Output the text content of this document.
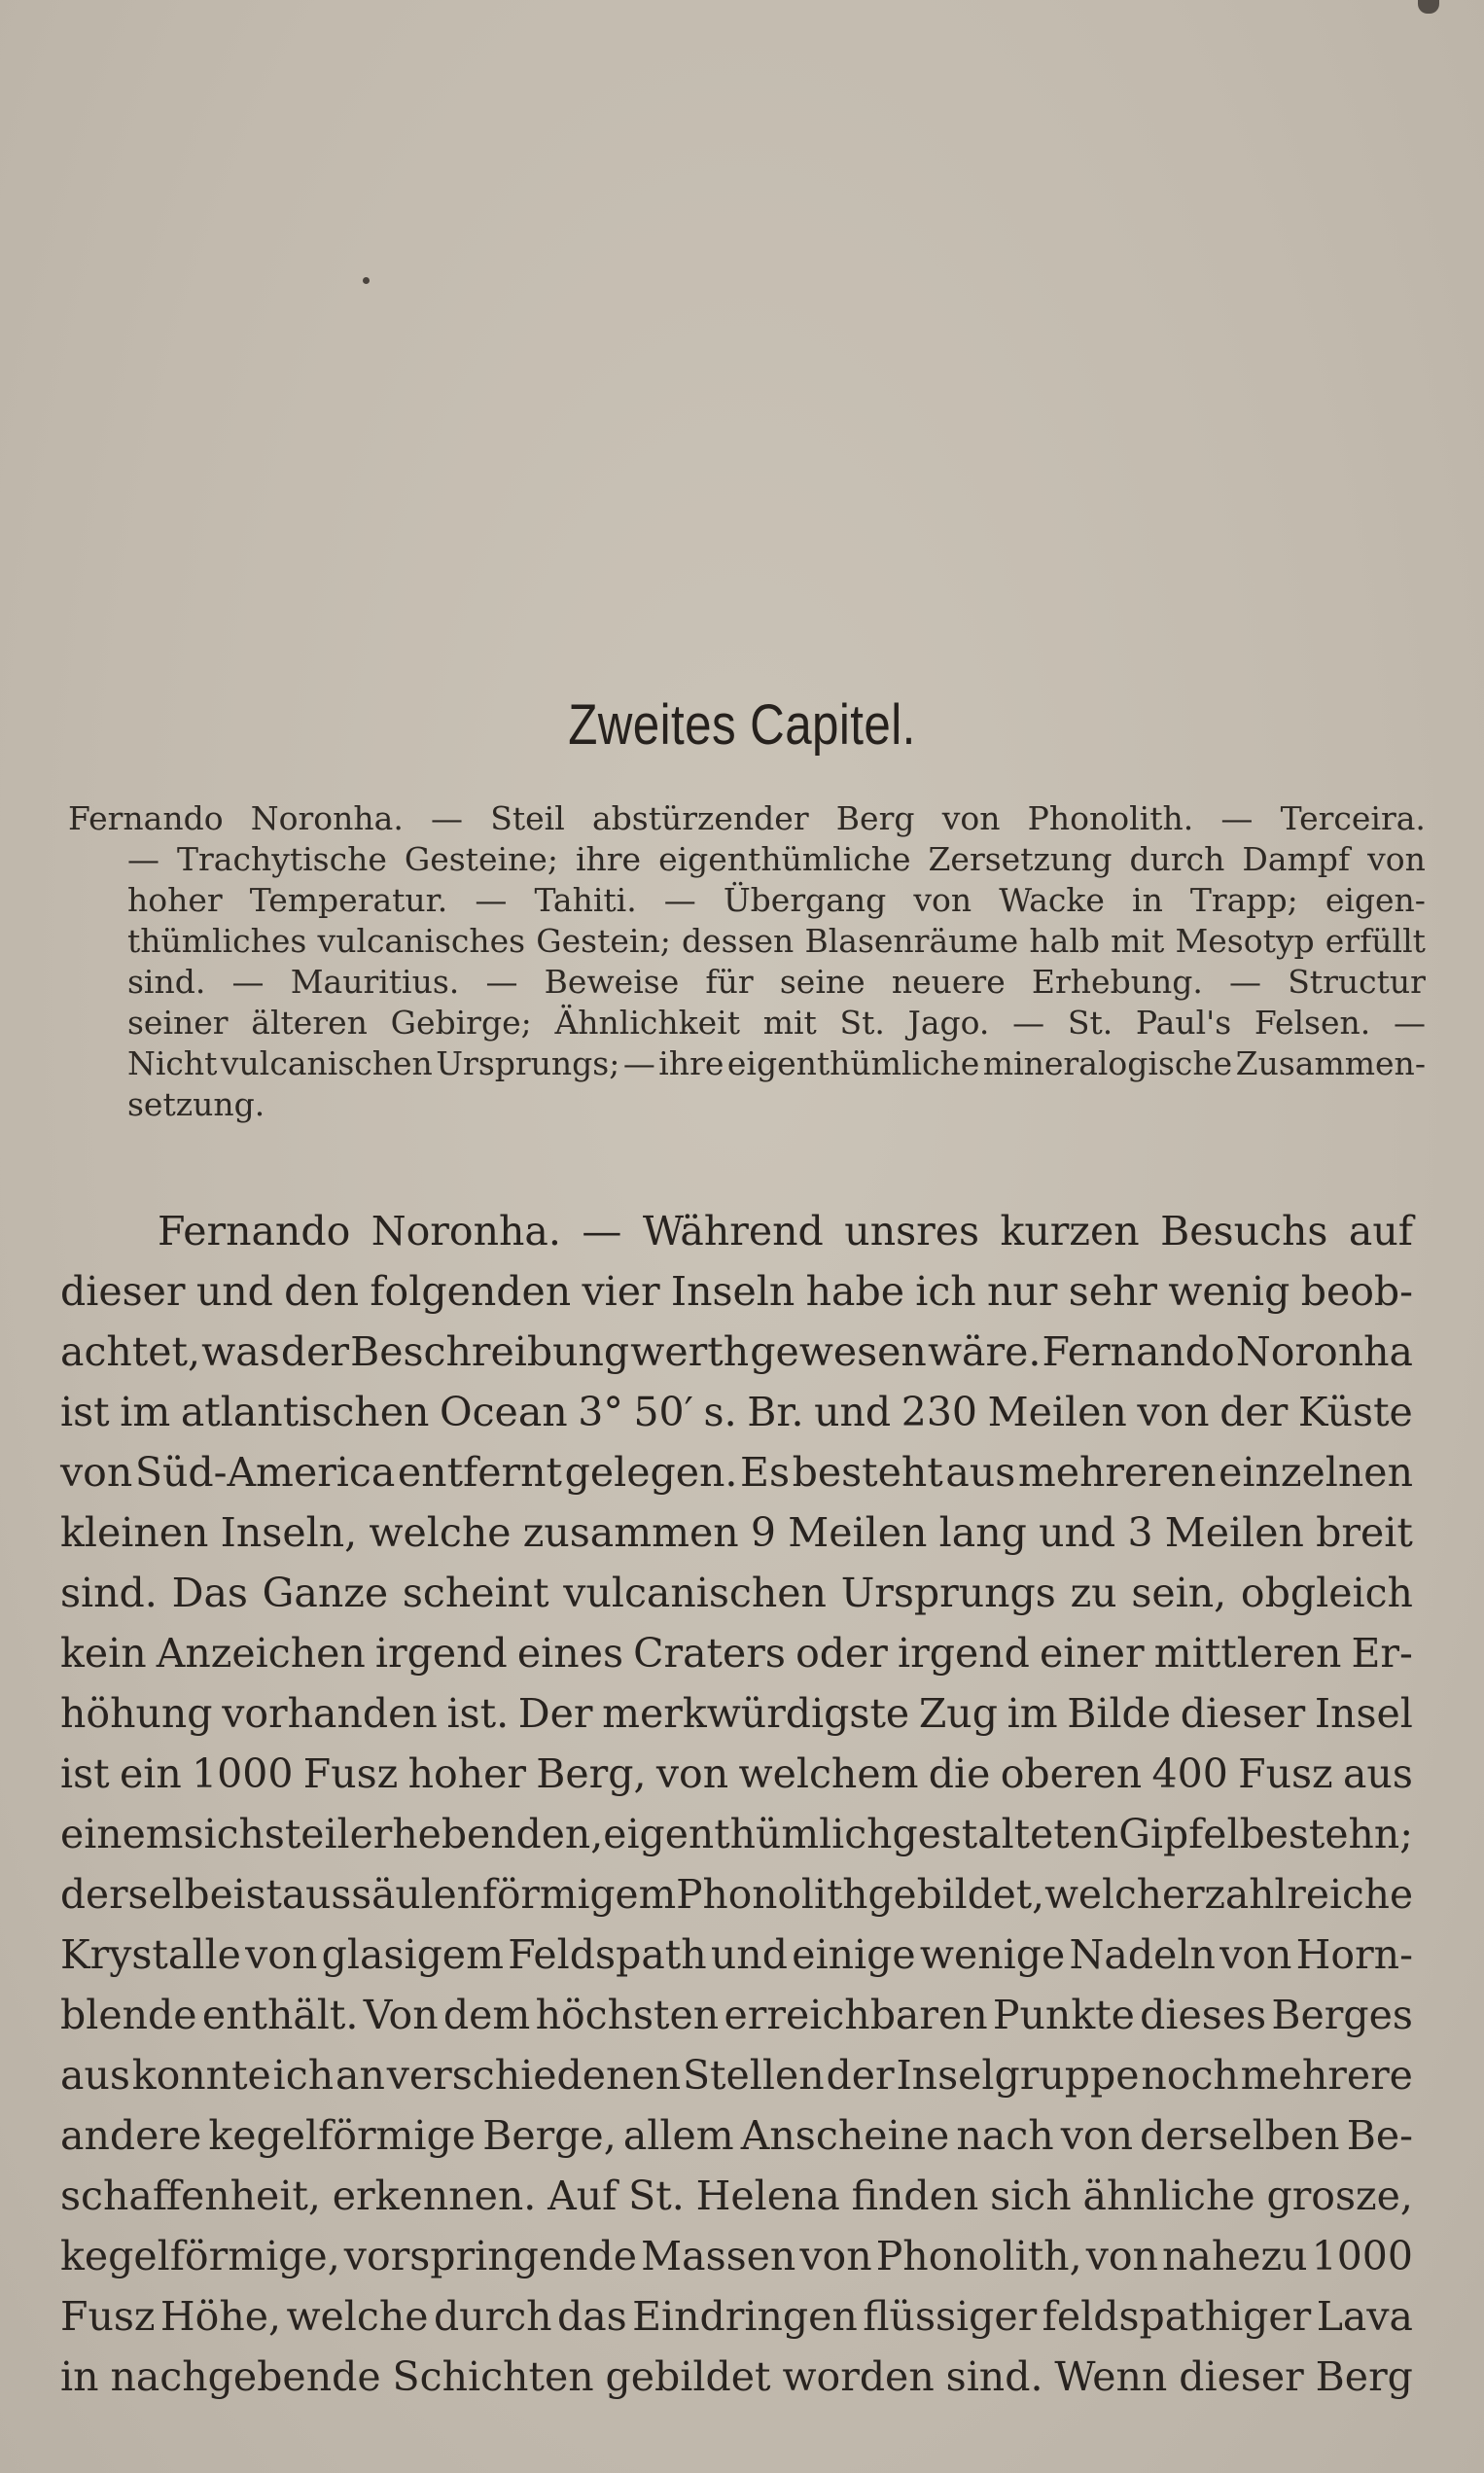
Zweites Capitel.
Fernando Noronha. — Steil abstürzender Berg von Phonolith. — Terceira.
— Trachytische Gesteine; ihre eigenthümliche Zersetzung durch Dampf von
hoher Temperatur. — Tahiti. — Übergang von Wacke in Trapp; eigen-
thümliches vulcanisches Gestein; dessen Blasenräume halb mit Mesotyp erfüllt
sind. — Mauritius. — Beweise für seine neuere Erhebung. — Structur
seiner älteren Gebirge; Ähnlichkeit mit St. Jago. — St. Paul's Felsen. —
Nicht vulcanischen Ursprungs; — ihre eigenthümliche mineralogische Zusammen-
setzung.
Fernando Noronha. — Während unsres kurzen Besuchs auf
dieser und den folgenden vier Inseln habe ich nur sehr wenig beob-
achtet, was der Beschreibung werth gewesen wäre. Fernando Noronha
ist im atlantischen Ocean 3° 50′ s. Br. und 230 Meilen von der Küste
von Süd-America entfernt gelegen. Es besteht aus mehreren einzelnen
kleinen Inseln, welche zusammen 9 Meilen lang und 3 Meilen breit
sind. Das Ganze scheint vulcanischen Ursprungs zu sein, obgleich
kein Anzeichen irgend eines Craters oder irgend einer mittleren Er-
höhung vorhanden ist. Der merkwürdigste Zug im Bilde dieser Insel
ist ein 1000 Fusz hoher Berg, von welchem die oberen 400 Fusz aus
einem sich steil erhebenden, eigenthümlich gestalteten Gipfel bestehn;
derselbe ist aus säulenförmigem Phonolith gebildet, welcher zahlreiche
Krystalle von glasigem Feldspath und einige wenige Nadeln von Horn-
blende enthält. Von dem höchsten erreichbaren Punkte dieses Berges
aus konnte ich an verschiedenen Stellen der Inselgruppe noch mehrere
andere kegelförmige Berge, allem Anscheine nach von derselben Be-
schaffenheit, erkennen. Auf St. Helena finden sich ähnliche grosze,
kegelförmige, vorspringende Massen von Phonolith, von nahezu 1000
Fusz Höhe, welche durch das Eindringen flüssiger feldspathiger Lava
in nachgebende Schichten gebildet worden sind. Wenn dieser Berg
